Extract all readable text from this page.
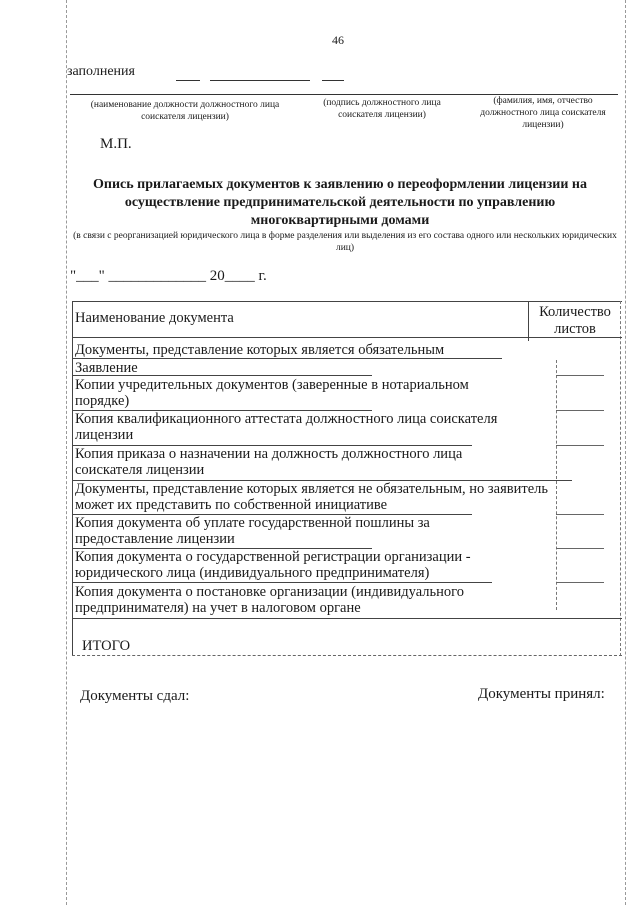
46
заполнения
(наименование должности должностного лица соискателя лицензии)
(подпись должностного лица соискателя лицензии)
(фамилия, имя, отчество должностного лица соискателя лицензии)
М.П.
Опись прилагаемых документов к заявлению о переоформлении лицензии на осуществление предпринимательской деятельности по управлению многоквартирными домами
(в связи с реорганизацией юридического лица в форме разделения или выделения из его состава одного или нескольких юридических лиц)
"___" _____________ 20____ г.
Наименование документа	Количество листов
Документы, представление которых является обязательным
Заявление
Копии учредительных документов (заверенные в нотариальном порядке)
Копия квалификационного аттестата должностного лица соискателя лицензии
Копия приказа о назначении на должность должностного лица соискателя лицензии
Документы, представление которых является не обязательным, но заявитель может их представить по собственной инициативе
Копия документа об уплате государственной пошлины за предоставление лицензии
Копия документа о государственной регистрации организации - юридического лица (индивидуального предпринимателя)
Копия документа о постановке организации (индивидуального предпринимателя) на учет в налоговом органе
ИТОГО
Документы сдал:	Документы принял:
